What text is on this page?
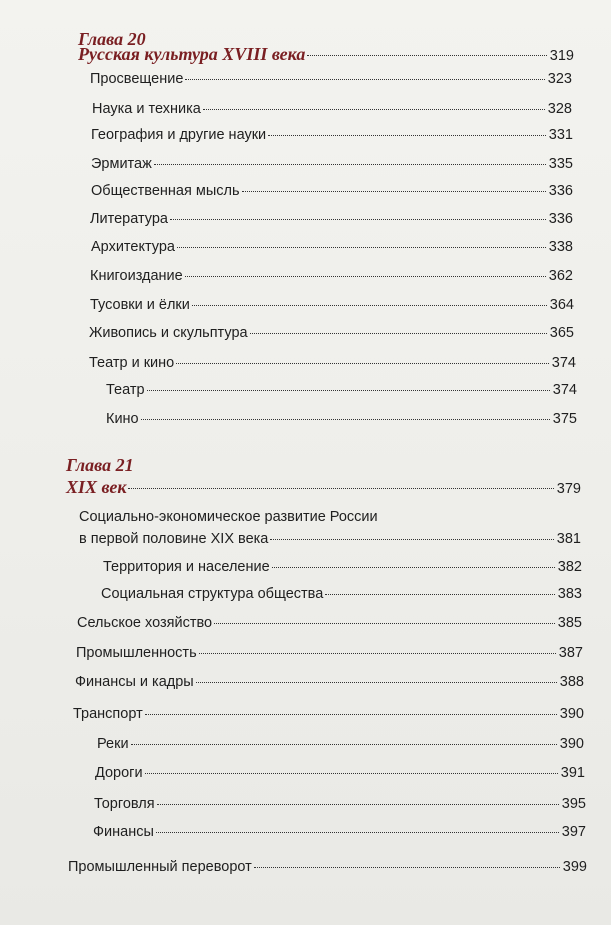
Глава 20
Русская культура XVIII века	319
Просвещение	323
Наука и техника	328
География и другие науки	331
Эрмитаж	335
Общественная мысль	336
Литература	336
Архитектура	338
Книгоиздание	362
Тусовки и ёлки	364
Живопись и скульптура	365
Театр и кино	374
Театр	374
Кино	375
Глава 21
XIX век	379
Социально-экономическое развитие России
в первой половине XIX века	381
Территория и население	382
Социальная структура общества	383
Сельское хозяйство	385
Промышленность	387
Финансы и кадры	388
Транспорт	390
Реки	390
Дороги	391
Торговля	395
Финансы	397
Промышленный переворот	399
